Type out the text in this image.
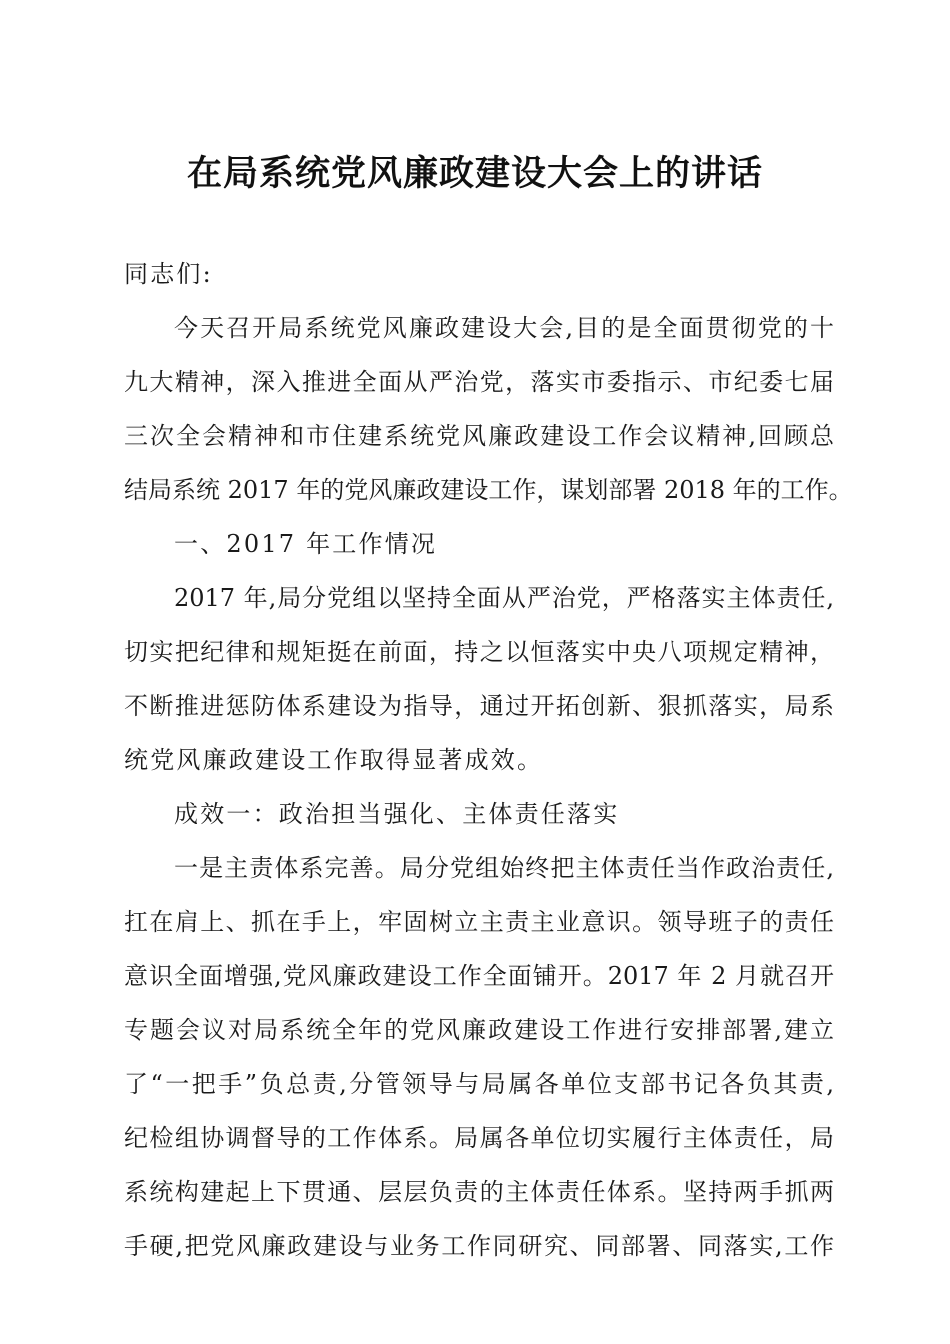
在局系统党风廉政建设大会上的讲话
同志们:
今天召开局系统党风廉政建设大会,目的是全面贯彻党的十
九大精神，深入推进全面从严治党，落实市委指示、市纪委七届
三次全会精神和市住建系统党风廉政建设工作会议精神,回顾总
结局系统 2017 年的党风廉政建设工作，谋划部署 2018 年的工作。
一、2017 年工作情况
2017 年,局分党组以坚持全面从严治党，严格落实主体责任,
切实把纪律和规矩挺在前面，持之以恒落实中央八项规定精神，
不断推进惩防体系建设为指导，通过开拓创新、狠抓落实，局系
统党风廉政建设工作取得显著成效。
成效一：政治担当强化、主体责任落实
一是主责体系完善。局分党组始终把主体责任当作政治责任,
扛在肩上、抓在手上，牢固树立主责主业意识。领导班子的责任
意识全面增强,党风廉政建设工作全面铺开。2017 年 2 月就召开
专题会议对局系统全年的党风廉政建设工作进行安排部署,建立
了“一把手”负总责,分管领导与局属各单位支部书记各负其责,
纪检组协调督导的工作体系。局属各单位切实履行主体责任，局
系统构建起上下贯通、层层负责的主体责任体系。坚持两手抓两
手硬,把党风廉政建设与业务工作同研究、同部署、同落实,工作
